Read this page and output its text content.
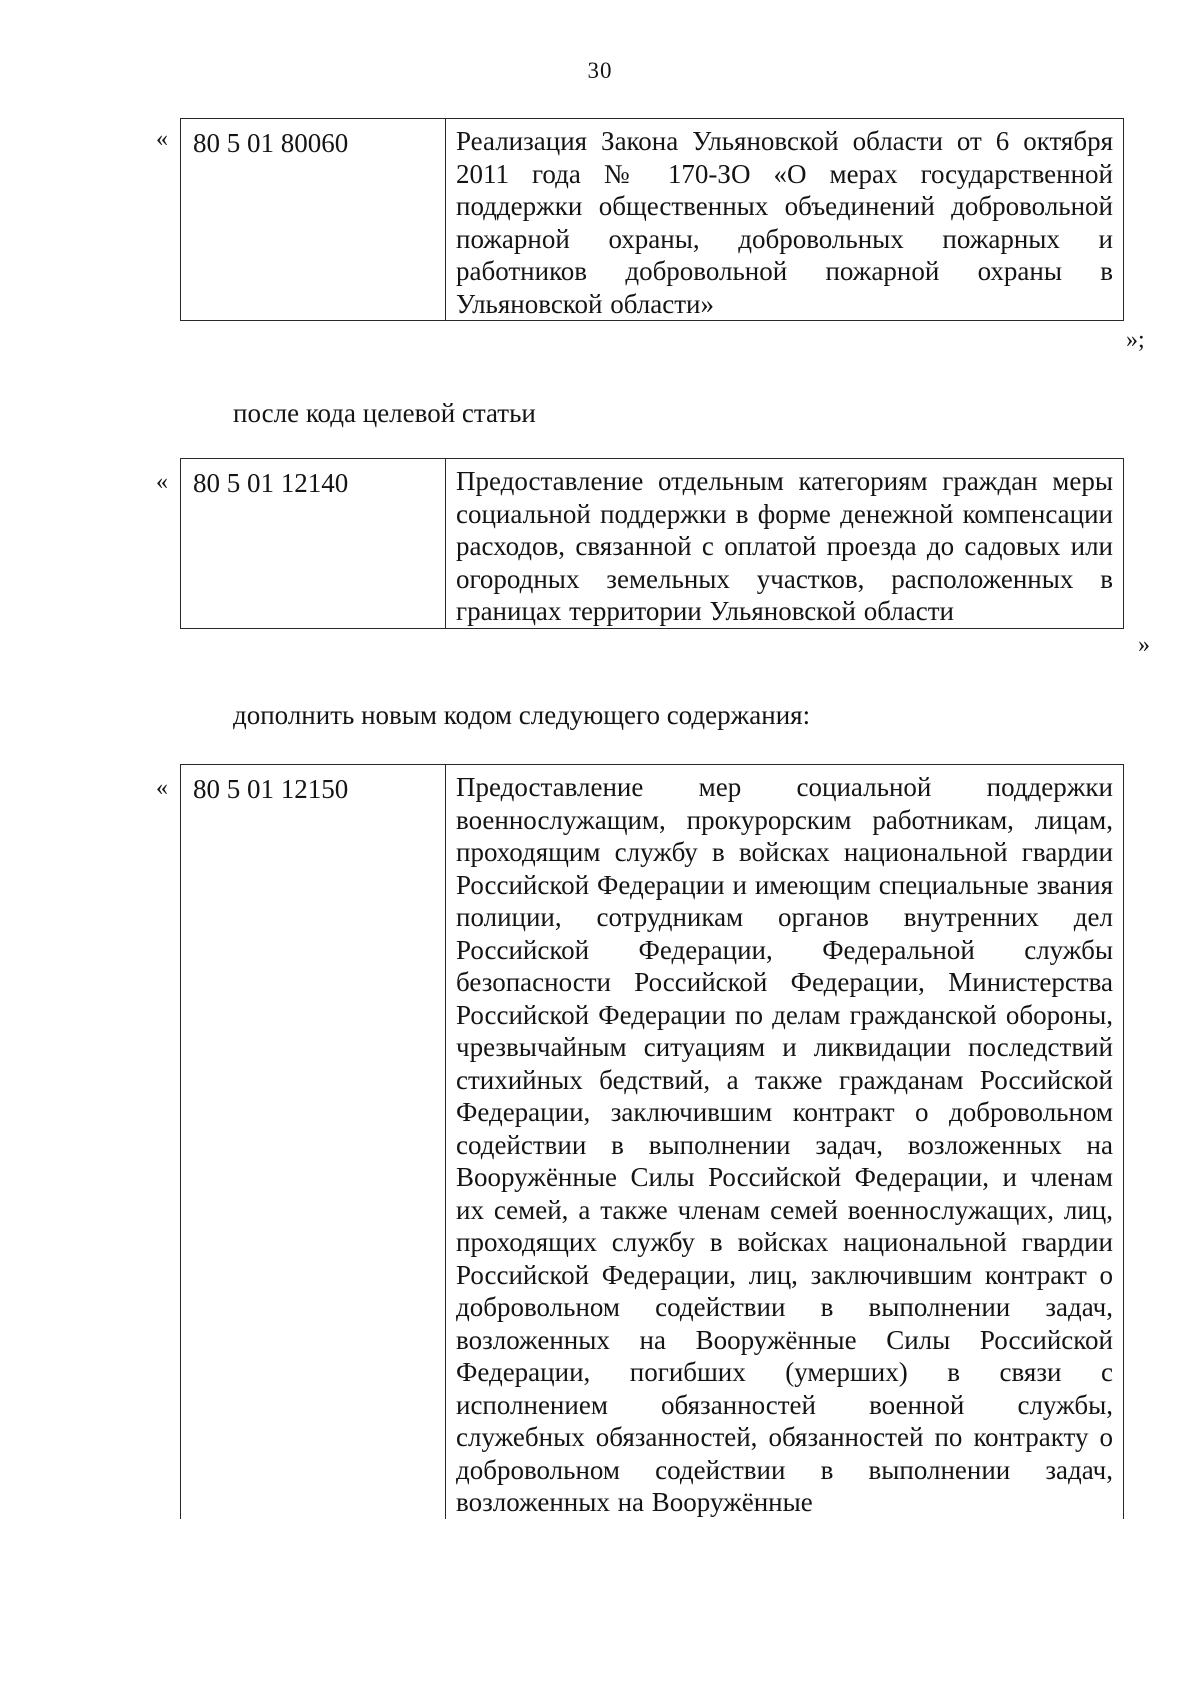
30
« 80 5 01 80060	Реализация Закона Ульяновской области от 6 октября 2011 года № 170-ЗО «О мерах государственной поддержки общественных объединений добровольной пожарной охраны, добровольных пожарных и работников добровольной пожарной охраны в Ульяновской области»
»;
после кода целевой статьи
« 80 5 01 12140	Предоставление отдельным категориям граждан меры социальной поддержки в форме денежной компенсации расходов, связанной с оплатой проезда до садовых или огородных земельных участков, расположенных в границах территории Ульяновской области
»
дополнить новым кодом следующего содержания:
« 80 5 01 12150	Предоставление мер социальной поддержки военнослужащим, прокурорским работникам, лицам, проходящим службу в войсках национальной гвардии Российской Федерации и имеющим специальные звания полиции, сотрудникам органов внутренних дел Российской Федерации, Федеральной службы безопасности Российской Федерации, Министерства Российской Федерации по делам гражданской обороны, чрезвычайным ситуациям и ликвидации последствий стихийных бедствий, а также гражданам Российской Федерации, заключившим контракт о добровольном содействии в выполнении задач, возложенных на Вооружённые Силы Российской Федерации, и членам их семей, а также членам семей военнослужащих, лиц, проходящих службу в войсках национальной гвардии Российской Федерации, лиц, заключившим контракт о добровольном содействии в выполнении задач, возложенных на Вооружённые Силы Российской Федерации, погибших (умерших) в связи с исполнением обязанностей военной службы, служебных обязанностей, обязанностей по контракту о добровольном содействии в выполнении задач, возложенных на Вооружённые
